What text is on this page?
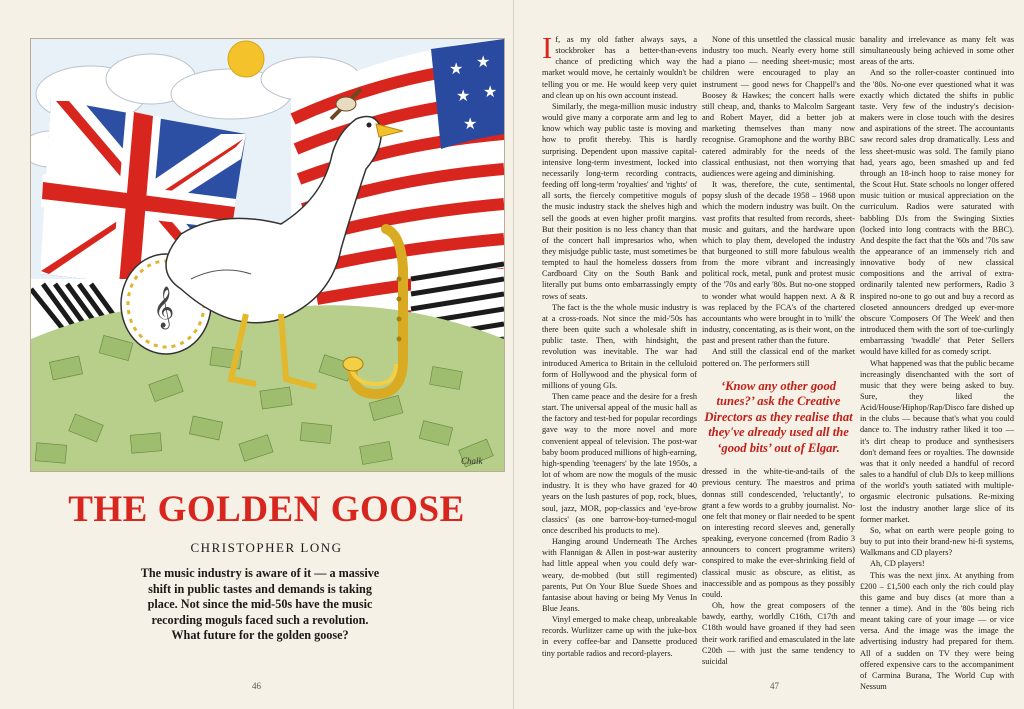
★ ★
★ ★
★
𝄞
Chalk
THE GOLDEN GOOSE
CHRISTOPHER LONG
The music industry is aware of it — a massive shift in public tastes and demands is taking place. Not since the mid-50s have the music recording moguls faced such a revolution. What future for the golden goose?
46

If, as my old father always says, a stockbroker has a better-than-evens chance of predicting which way the market would move, he certainly wouldn't be telling you or me. He would keep very quiet and clean up on his own account instead.

Similarly, the mega-million music industry would give many a corporate arm and leg to know which way public taste is moving and how to profit thereby. This is hardly surprising. Dependent upon massive capital-intensive long-term investment, locked into necessarily long-term recording contracts, feeding off long-term 'royalties' and 'rights' of all sorts, the fiercely competitive moguls of the music industry stack the shelves high and sell the goods at even higher profit margins. But their position is no less chancy than that of the concert hall impresarios who, when they misjudge public taste, must sometimes be tempted to haul the homeless dossers from Cardboard City on the South Bank and literally put bums onto embarrassingly empty rows of seats.

The fact is the the whole music industry is at a cross-roads. Not since the mid-'50s has there been quite such a wholesale shift in public taste. Then, with hindsight, the revolution was inevitable. The war had introduced America to Britain in the celluloid form of Hollywood and the physical form of millions of young GIs.

Then came peace and the desire for a fresh start. The universal appeal of the music hall as the factory and test-bed for popular recordings gave way to the more novel and more convenient appeal of television. The post-war baby boom produced millions of high-earning, high-spending 'teenagers' by the late 1950s, a lot of whom are now the moguls of the music industry. It is they who have grazed for 40 years on the lush pastures of pop, rock, blues, soul, jazz, MOR, pop-classics and 'eye-brow classics' (as one barrow-boy-turned-mogul once described his products to me).

Hanging around Underneath The Arches with Flannigan & Allen in post-war austerity had little appeal when you could defy war-weary, de-mobbed (but still regimented) parents, Put On Your Blue Suede Shoes and fantasise about having or being My Venus In Blue Jeans.

Vinyl emerged to make cheap, unbreakable records. Wurlitzer came up with the juke-box in every coffee-bar and Dansette produced tiny portable radios and record-players.

None of this unsettled the classical music industry too much. Nearly every home still had a piano — needing sheet-music; most children were encouraged to play an instrument — good news for Chappell's and Boosey & Hawkes; the concert halls were still cheap, and, thanks to Malcolm Sargeant and Robert Mayer, did a better job at marketing themselves than many now recognise. Gramophone and the worthy BBC catered admirably for the needs of the classical enthusiast, not then worrying that audiences were ageing and diminishing.

It was, therefore, the cute, sentimental, popsy slush of the decade 1958 – 1968 upon which the modern industry was built. On the vast profits that resulted from records, sheet-music and guitars, and the hardware upon which to play them, developed the industry that burgeoned to still more fabulous wealth from the more vibrant and increasingly political rock, metal, punk and protest music of the '70s and early '80s. But no-one stopped to wonder what would happen next. A & R was replaced by the FCA's of the chartered accountants who were brought in to 'milk' the industry, concentating, as is their wont, on the past and present rather than the future.

And still the classical end of the market pottered on. The performers still

‘Know any other good tunes?’ ask the Creative Directors as they realise that they've already used all the ‘good bits’ out of Elgar.

dressed in the white-tie-and-tails of the previous century. The maestros and prima donnas still condescended, 'reluctantly', to grant a few words to a grubby journalist. No-one felt that money or flair needed to be spent on interesting record sleeves and, generally speaking, everyone concerned (from Radio 3 announcers to concert programme writers) conspired to make the ever-shrinking field of classical music as obscure, as elitist, as inaccessible and as pompous as they possibly could.

Oh, how the great composers of the bawdy, earthy, worldly C16th, C17th and C18th would have groaned if they had seen their work rarified and emasculated in the late C20th — with just the same tendency to suicidal

banality and irrelevance as many felt was simultaneously being achieved in some other areas of the arts.

And so the roller-coaster continued into the '80s. No-one ever questioned what it was exactly which dictated the shifts in public taste. Very few of the industry's decision-makers were in close touch with the desires and aspirations of the street. The accountants saw record sales drop dramatically. Less and less sheet-music was sold. The family piano had, years ago, been smashed up and fed through an 18-inch hoop to raise money for the Scout Hut. State schools no longer offered music tuition or musical appreciation on the curriculum. Radios were saturated with babbling DJs from the Swinging Sixties (locked into long contracts with the BBC). And despite the fact that the '60s and '70s saw the appearance of an immensely rich and innovative body of new classical compositions and the arrival of extra-ordinarily talented new performers, Radio 3 inspired no-one to go out and buy a record as closeted announcers dredged up ever-more obscure 'Composers Of The Week' and then introduced them with the sort of toe-curlingly embarrassing 'twaddle' that Peter Sellers would have killed for as comedy script.

What happened was that the public became increasingly disenchanted with the sort of music that they were being asked to buy. Sure, they liked the Acid/House/Hiphop/Rap/Disco fare dished up in the clubs — because that's what you could dance to. The industry rather liked it too — it's dirt cheap to produce and synthesisers don't demand fees or royalties. The downside was that it only needed a handful of record sales to a handful of club DJs to keep millions of the world's youth satiated with multiple-orgasmic electronic pulsations. Re-mixing lost the industry another large slice of its former market.

So, what on earth were people going to buy to put into their brand-new hi-fi systems, Walkmans and CD players?

Ah, CD players!

This was the next jinx. At anything from £200 – £1,500 each only the rich could play this game and buy discs (at more than a tenner a time). And in the '80s being rich meant taking care of your image — or vice versa. And the image was the image the advertising industry had prepared for them. All of a sudden on TV they were being offered expensive cars to the accompaniment of Carmina Burana, The World Cup with Nessum

47
